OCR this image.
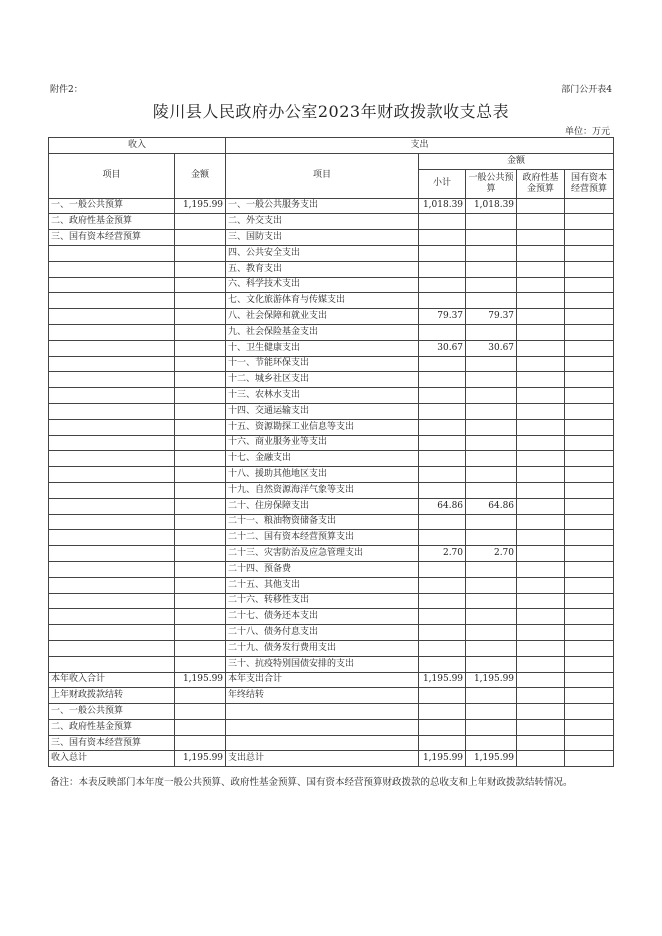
附件2：	部门公开表4
陵川县人民政府办公室2023年财政拨款收支总表
单位：万元
收入		支出				
项目	金额	项目	金额			
			小计	一般公共预算	政府性基金预算	国有资本经营预算
一、一般公共预算	1,195.99	一、一般公共服务支出	1,018.39	1,018.39		
二、政府性基金预算		二、外交支出				
三、国有资本经营预算		三、国防支出				
		四、公共安全支出				
		五、教育支出				
		六、科学技术支出				
		七、文化旅游体育与传媒支出				
		八、社会保障和就业支出	79.37	79.37		
		九、社会保险基金支出				
		十、卫生健康支出	30.67	30.67		
		十一、节能环保支出				
		十二、城乡社区支出				
		十三、农林水支出				
		十四、交通运输支出				
		十五、资源勘探工业信息等支出				
		十六、商业服务业等支出				
		十七、金融支出				
		十八、援助其他地区支出				
		十九、自然资源海洋气象等支出				
		二十、住房保障支出	64.86	64.86		
		二十一、粮油物资储备支出				
		二十二、国有资本经营预算支出				
		二十三、灾害防治及应急管理支出	2.70	2.70		
		二十四、预备费				
		二十五、其他支出				
		二十六、转移性支出				
		二十七、债务还本支出				
		二十八、债务付息支出				
		二十九、债务发行费用支出				
		三十、抗疫特别国债安排的支出				
本年收入合计	1,195.99	本年支出合计	1,195.99	1,195.99		
上年财政拨款结转		年终结转				
一、一般公共预算						
二、政府性基金预算						
三、国有资本经营预算						
收入总计	1,195.99	支出总计	1,195.99	1,195.99		
备注：本表反映部门本年度一般公共预算、政府性基金预算、国有资本经营预算财政拨款的总收支和上年财政拨款结转情况。
